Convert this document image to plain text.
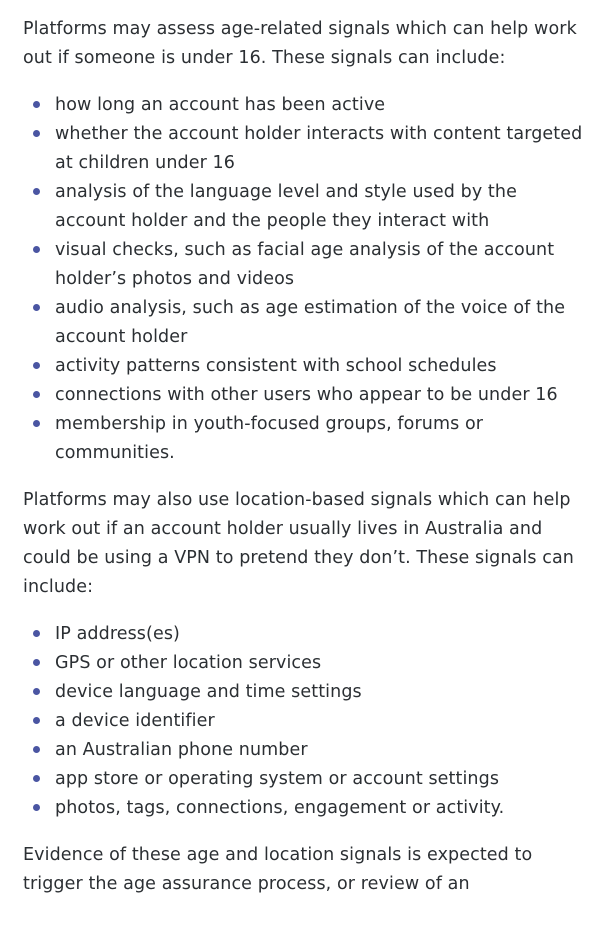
Platforms may assess age-related signals which can help work out if someone is under 16. These signals can include:

how long an account has been active
whether the account holder interacts with content targeted at children under 16
analysis of the language level and style used by the account holder and the people they interact with
visual checks, such as facial age analysis of the account holder’s photos and videos
audio analysis, such as age estimation of the voice of the account holder
activity patterns consistent with school schedules
connections with other users who appear to be under 16
membership in youth-focused groups, forums or communities.

Platforms may also use location-based signals which can help work out if an account holder usually lives in Australia and could be using a VPN to pretend they don’t. These signals can include:

IP address(es)
GPS or other location services
device language and time settings
a device identifier
an Australian phone number
app store or operating system or account settings
photos, tags, connections, engagement or activity.

Evidence of these age and location signals is expected to trigger the age assurance process, or review of an
